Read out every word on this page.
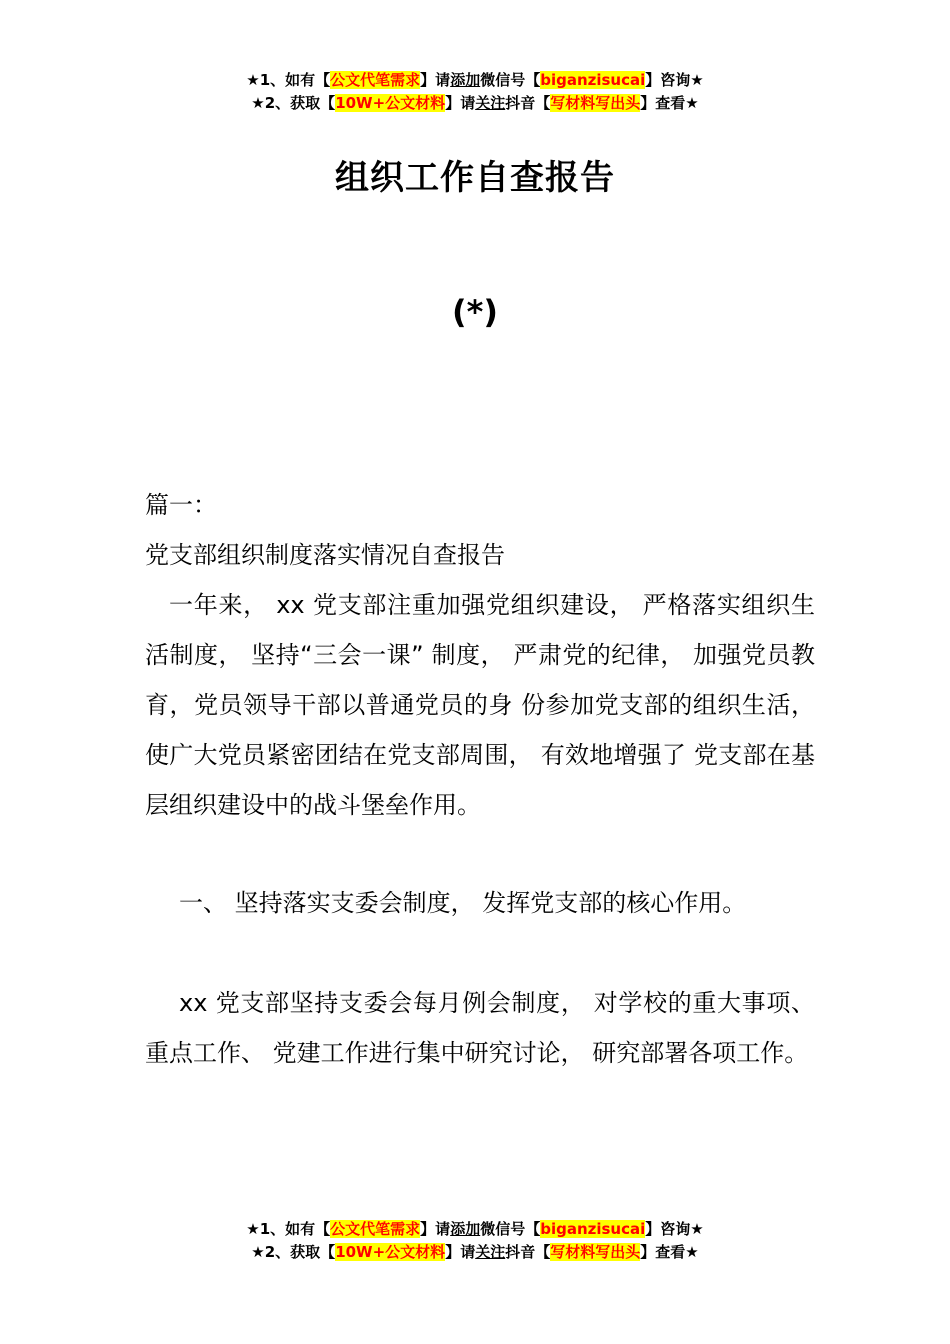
★1、如有【公文代笔需求】请添加微信号【biganzisucai】咨询★
★2、获取【10W+公文材料】请关注抖音【写材料写出头】查看★
组织工作自查报告
(*)

篇一：

党支部组织制度落实情况自查报告

一年来， xx 党支部注重加强党组织建设， 严格落实组织生活制度， 坚持“三会一课” 制度， 严肃党的纪律， 加强党员教育，党员领导干部以普通党员的身 份参加党支部的组织生活， 使广大党员紧密团结在党支部周围， 有效地增强了 党支部在基层组织建设中的战斗堡垒作用。

一、 坚持落实支委会制度， 发挥党支部的核心作用。

xx 党支部坚持支委会每月例会制度， 对学校的重大事项、 重点工作、 党建工作进行集中研究讨论， 研究部署各项工作。

★1、如有【公文代笔需求】请添加微信号【biganzisucai】咨询★
★2、获取【10W+公文材料】请关注抖音【写材料写出头】查看★
